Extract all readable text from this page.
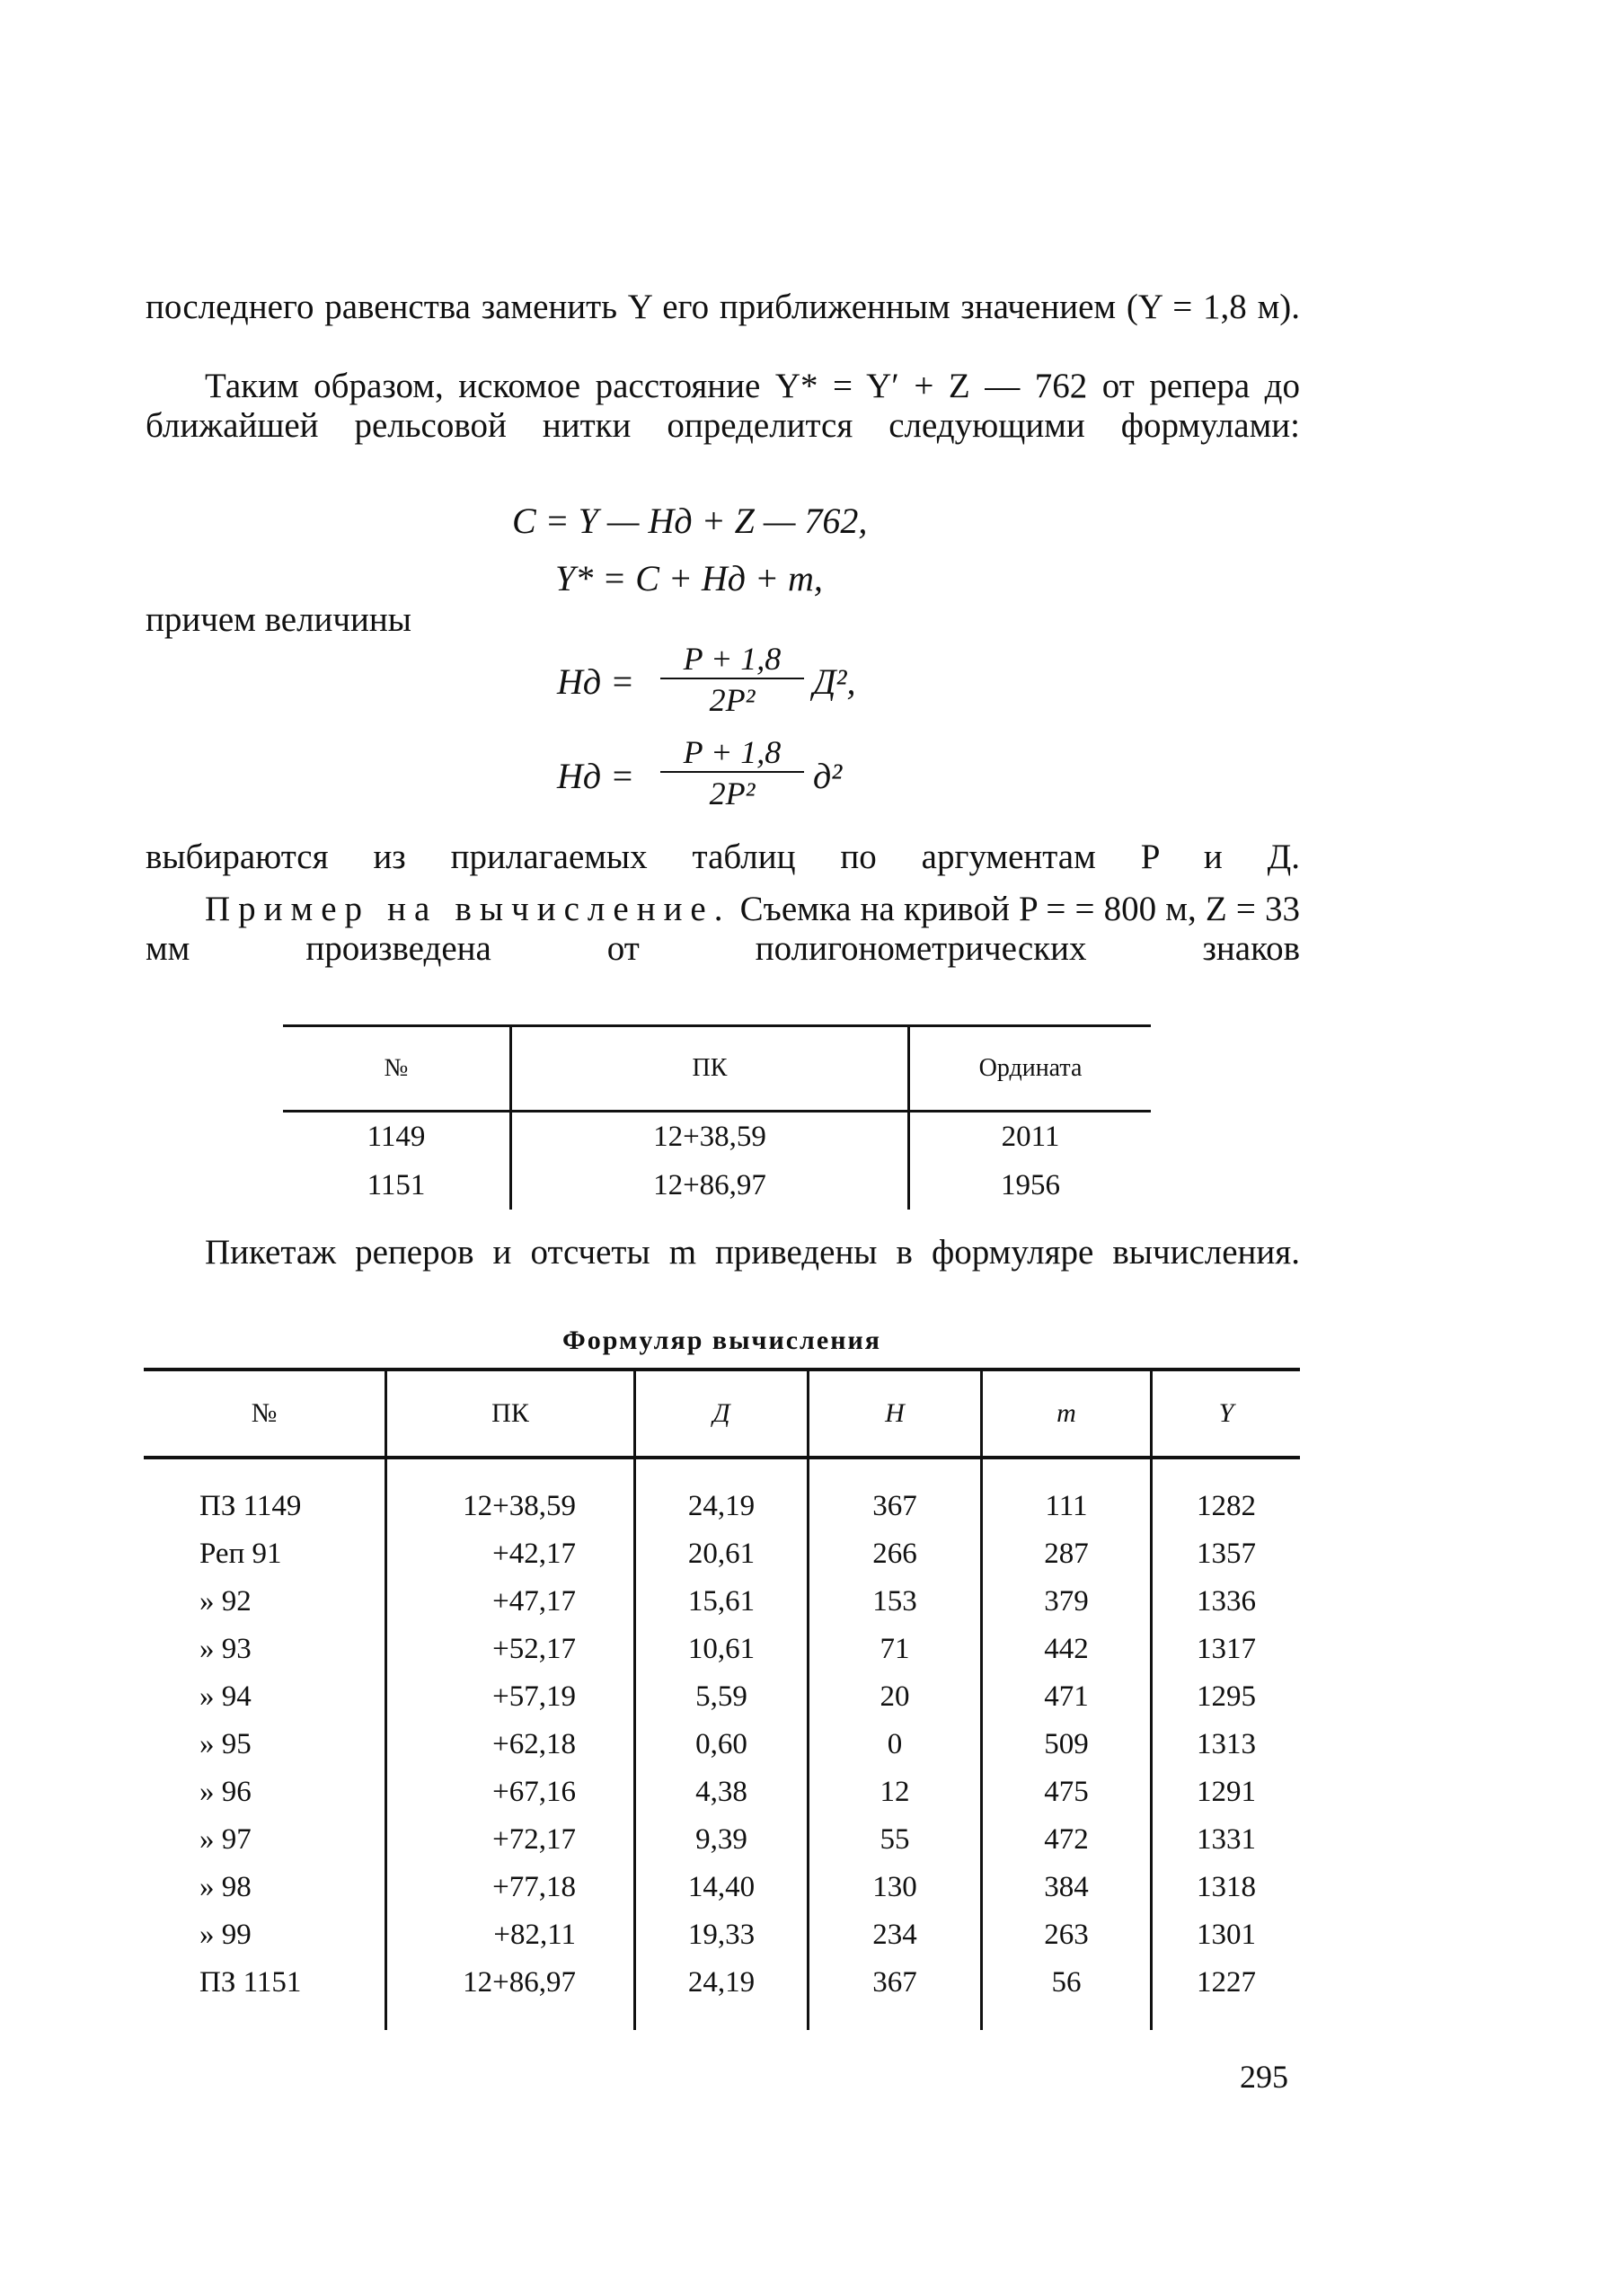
последнего равенства заменить Y его приближенным значением (Y = 1,8 м).

Таким образом, искомое расстояние Y* = Y′ + Z — 762 от репера до ближайшей рельсовой нитки определится следующими формулами:

C = Y — Hд + Z — 762,
Y* = C + Hд + m,

причем величины

Hд = $\frac{P + 1,8}{\text{2P²}} Д^2$,
Hд = $\frac{P + 1,8}{\text{2P²}} д^2$

выбираются из прилагаемых таблиц по аргументам P и Д.

Пример на вычисление. Съемка на кривой P = = 800 м, Z = 33 мм произведена от полигонометрических знаков

№	ПК	Ордината
1149	12+38,59	2011
1151	12+86,97	1956

Пикетаж реперов и отсчеты m приведены в формуляре вычисления.

Формуляр вычисления
№	ПК	Д	H	m	Y

ПЗ 1149	12+38,59	24,19	367	111	1282
Реп 91	+42,17	20,61	266	287	1357
» 92	+47,17	15,61	153	379	1336
» 93	+52,17	10,61	71	442	1317
» 94	+57,19	5,59	20	471	1295
» 95	+62,18	0,60	0	509	1313
» 96	+67,16	4,38	12	475	1291
» 97	+72,17	9,39	55	472	1331
» 98	+77,18	14,40	130	384	1318
» 99	+82,11	19,33	234	263	1301
ПЗ 1151	12+86,97	24,19	367	56	1227

295
